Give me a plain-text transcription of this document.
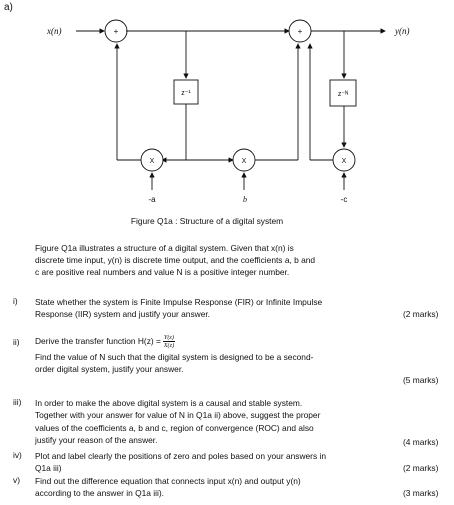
a)
x(n)	y(n)
+	+
z⁻¹	z⁻ᴺ
X	X	X
-a	b	-c
Figure Q1a : Structure of a digital system
Figure Q1a illustrates a structure of a digital system. Given that x(n) is
discrete time input, y(n) is discrete time output, and the coefficients a, b and
c are positive real numbers and value N is a positive integer number.
i) State whether the system is Finite Impulse Response (FIR) or Infinite Impulse
Response (IIR) system and justify your answer.	(2 marks)
ii) Derive the transfer function $H(z) = \frac{Y(z)}{X(z)}$
Find the value of N such that the digital system is designed to be a second-
order digital system, justify your answer.
(5 marks)
iii) In order to make the above digital system is a causal and stable system.
Together with your answer for value of N in Q1a ii) above, suggest the proper
values of the coefficients a, b and c, region of convergence (ROC) and also
justify your reason of the answer.	(4 marks)
iv) Plot and label clearly the positions of zero and poles based on your answers in
Q1a iii)	(2 marks)
v) Find out the difference equation that connects input x(n) and output y(n)
according to the answer in Q1a iii).	(3 marks)
